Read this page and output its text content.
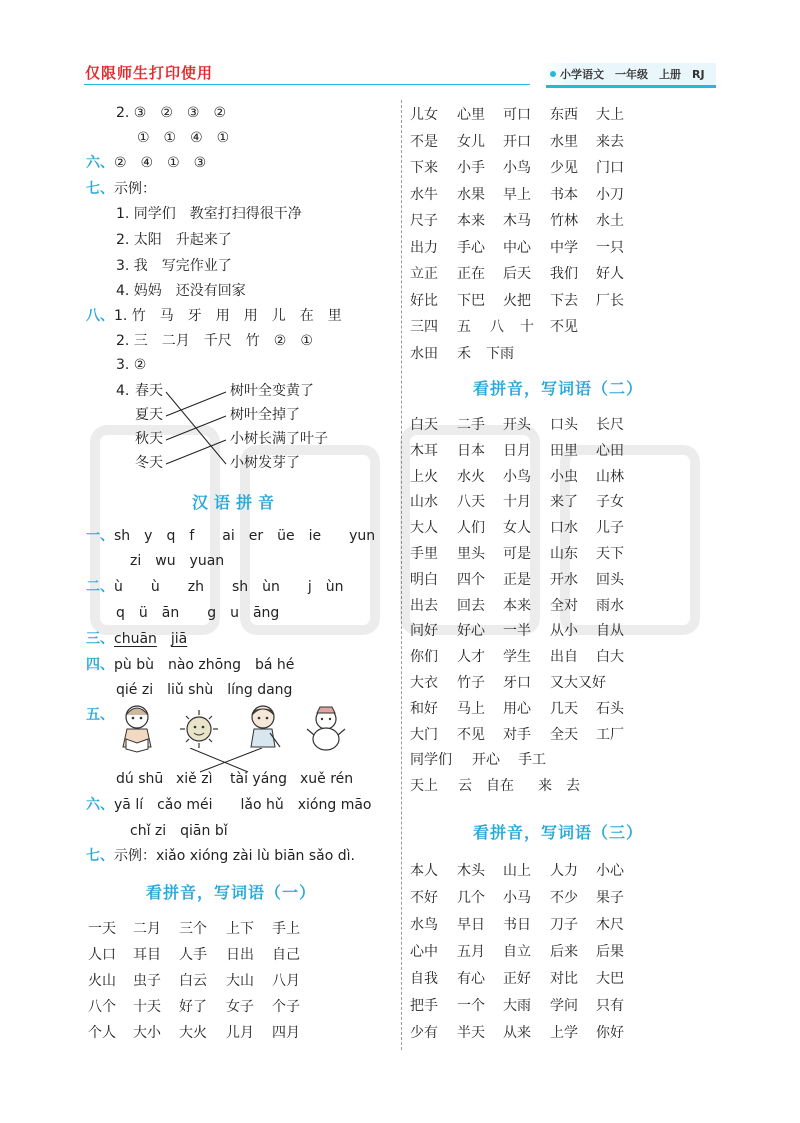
仅限师生打印使用	小学语文　一年级　上册　RJ
2. ③　②　③　②
①　①　④　①
六、②　④　①　③
七、示例：
1. 同学们　教室打扫得很干净
2. 太阳　升起来了
3. 我　写完作业了
4. 妈妈　还没有回家
八、1. 竹　马　牙　用　用　儿　在　里
2. 三　二月　千尺　竹　②　①
3. ②
4. 春天
夏天
秋天
冬天
树叶全变黄了
树叶全掉了
小树长满了叶子
小树发芽了
汉语拼音
一、sh　y　q　f　　ai　er　üe　ie　　yun
zi　wu　yuan
二、ù　　ù　　zh　　sh　ùn　　j　ùn
q　ü　ān　　g　u　āng
三、chuān　 jiā
四、pù bù　nào zhōng　bá hé
qié zi　liǔ shù　líng dang
五、
dú shū xiě zì tài yáng xuě rén
六、yā lí　cǎo méi　　lǎo hǔ　xióng māo
chǐ zi　qiān bǐ
七、示例：xiǎo xióng zài lù biān sǎo dì.
看拼音，写词语（一）
一天 二月 三个 上下 手上
人口 耳目 人手 日出 自己
火山 虫子 白云 大山 八月
八个 十天 好了 女子 个子
个人 大小 大火 儿月 四月
儿女 心里 可口 东西 大上
不是 女儿 开口 水里 来去
下来 小手 小鸟 少见 门口
水牛 水果 早上 书本 小刀
尺子 本来 木马 竹林 水土
出力 手心 中心 中学 一只
立正 正在 后天 我们 好人
好比 下巴 火把 下去 厂长
三四 五 八 十 不见
水田 禾 下雨
看拼音，写词语（二）
白天 二手 开头 口头 长尺
木耳 日本 日月 田里 心田
上火 水火 小鸟 小虫 山林
山水 八天 十月 来了 子女
大人 人们 女人 口水 儿子
手里 里头 可是 山东 天下
明白 四个 正是 开水 回头
出去 回去 本来 全对 雨水
问好 好心 一半 从小 自从
你们 人才 学生 出自 白大
大衣 竹子 牙口 又大又好
和好 马上 用心 几天 石头
大门 不见 对手 全天 工厂
同学们 开心 手工
天上 云 自在 来 去
看拼音，写词语（三）
本人 木头 山上 人力 小心
不好 几个 小马 不少 果子
水鸟 早日 书日 刀子 木尺
心中 五月 自立 后来 后果
自我 有心 正好 对比 大巴
把手 一个 大雨 学问 只有
少有 半天 从来 上学 你好
